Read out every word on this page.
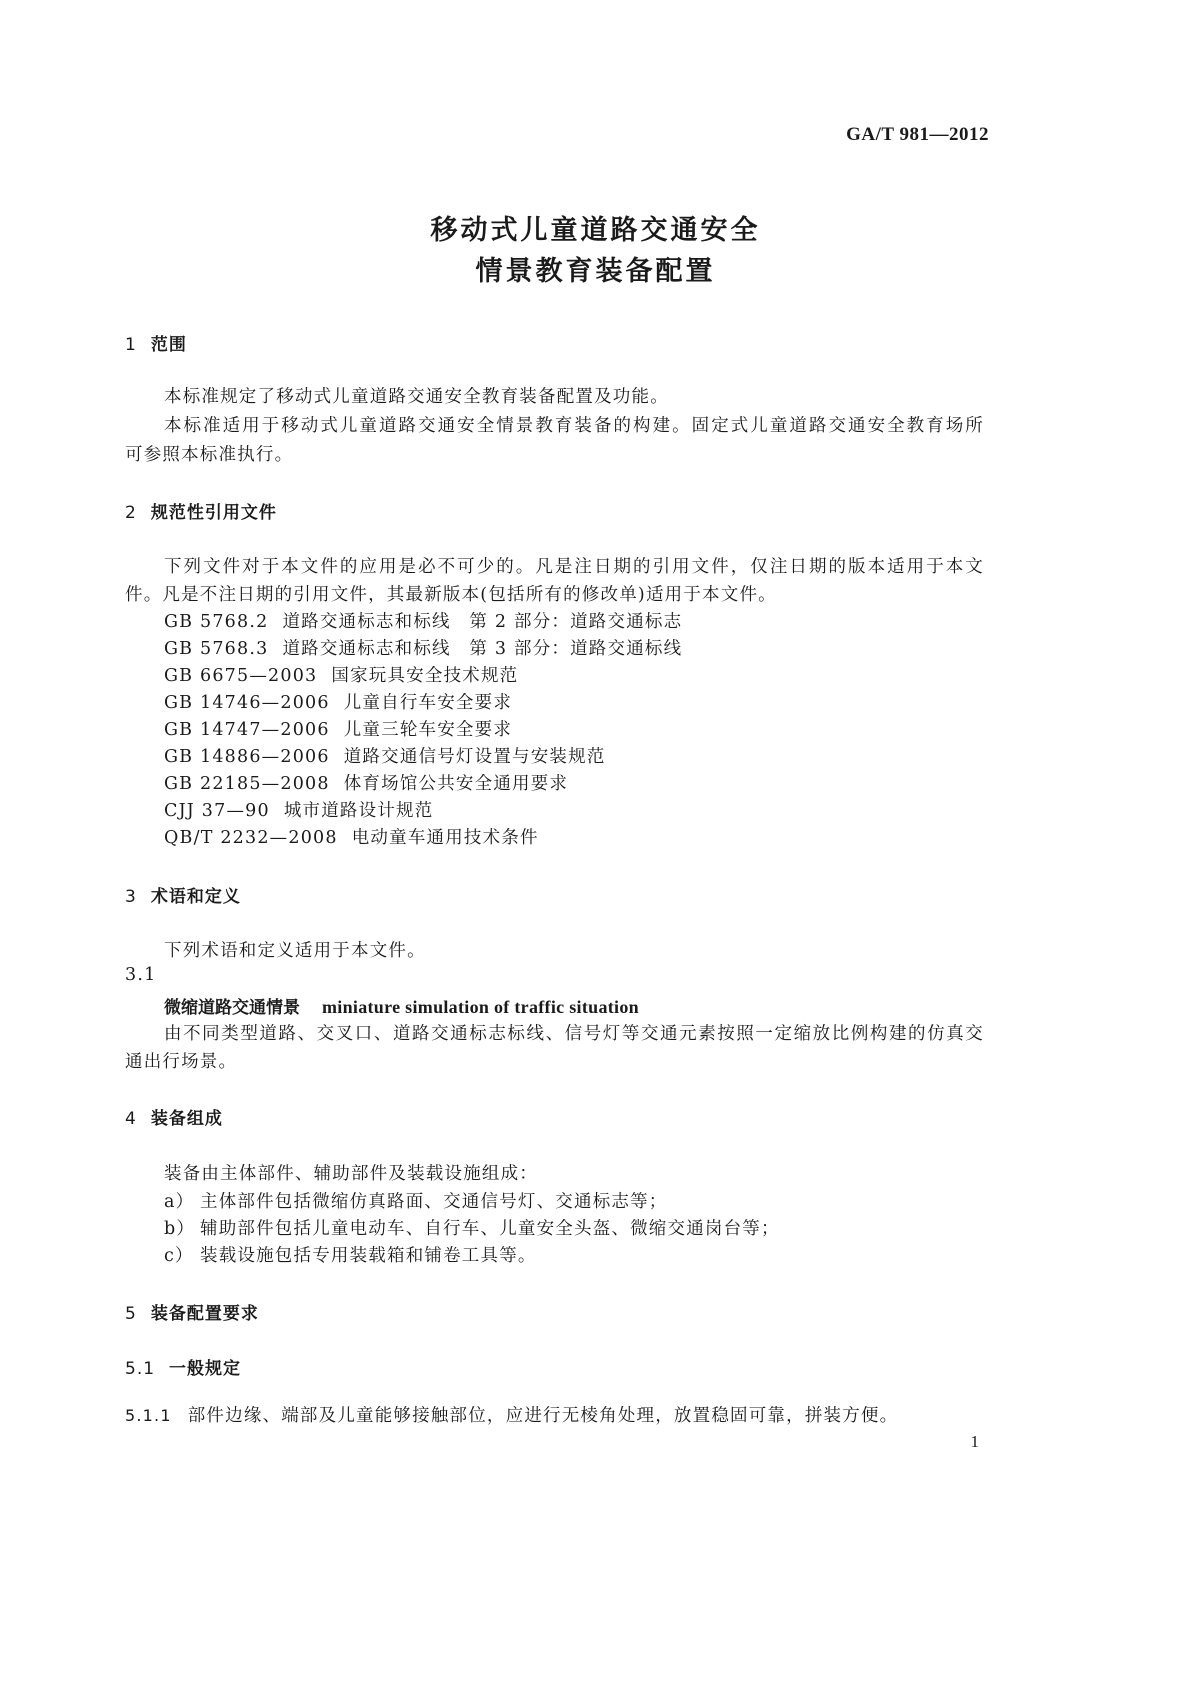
GA/T 981—2012
移动式儿童道路交通安全
情景教育装备配置
1 范围
本标准规定了移动式儿童道路交通安全教育装备配置及功能。
本标准适用于移动式儿童道路交通安全情景教育装备的构建。固定式儿童道路交通安全教育场所
可参照本标准执行。
2 规范性引用文件
下列文件对于本文件的应用是必不可少的。凡是注日期的引用文件，仅注日期的版本适用于本文
件。凡是不注日期的引用文件，其最新版本(包括所有的修改单)适用于本文件。
GB 5768.2 道路交通标志和标线　第 2 部分：道路交通标志
GB 5768.3 道路交通标志和标线　第 3 部分：道路交通标线
GB 6675—2003 国家玩具安全技术规范
GB 14746—2006 儿童自行车安全要求
GB 14747—2006 儿童三轮车安全要求
GB 14886—2006 道路交通信号灯设置与安装规范
GB 22185—2008 体育场馆公共安全通用要求
CJJ 37—90 城市道路设计规范
QB/T 2232—2008 电动童车通用技术条件
3 术语和定义
下列术语和定义适用于本文件。
3.1
微缩道路交通情景 miniature simulation of traffic situation
由不同类型道路、交叉口、道路交通标志标线、信号灯等交通元素按照一定缩放比例构建的仿真交
通出行场景。
4 装备组成
装备由主体部件、辅助部件及装载设施组成：
a） 主体部件包括微缩仿真路面、交通信号灯、交通标志等；
b） 辅助部件包括儿童电动车、自行车、儿童安全头盔、微缩交通岗台等；
c） 装载设施包括专用装载箱和铺卷工具等。
5 装备配置要求
5.1 一般规定
5.1.1 部件边缘、端部及儿童能够接触部位，应进行无棱角处理，放置稳固可靠，拼装方便。
1
